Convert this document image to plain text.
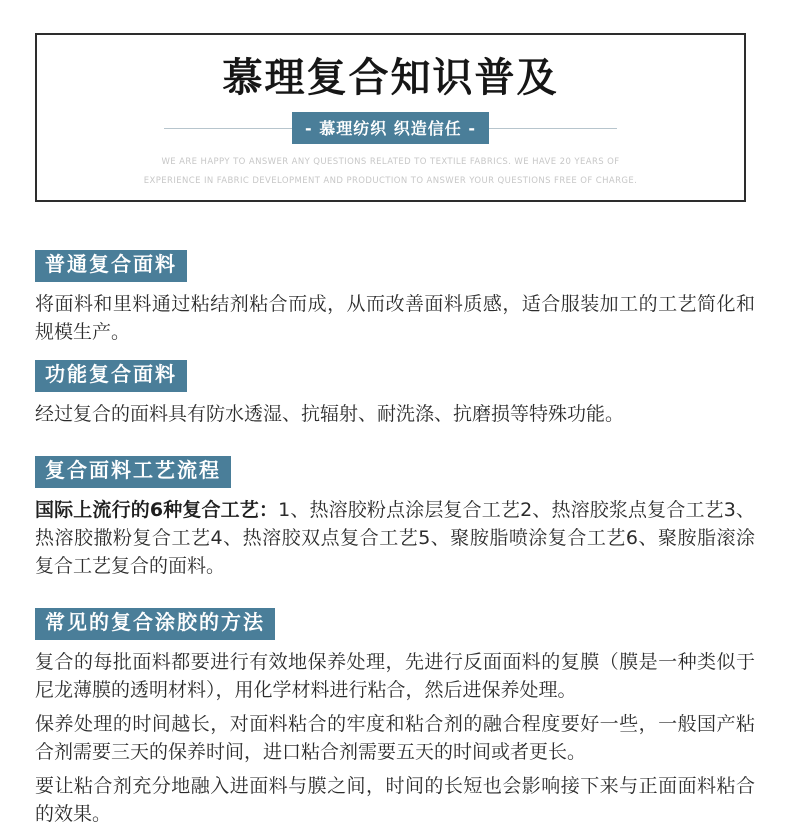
慕理复合知识普及
- 慕理纺织 织造信任 -
WE ARE HAPPY TO ANSWER ANY QUESTIONS RELATED TO TEXTILE FABRICS. WE HAVE 20 YEARS OF
EXPERIENCE IN FABRIC DEVELOPMENT AND PRODUCTION TO ANSWER YOUR QUESTIONS FREE OF CHARGE.
普通复合面料

将面料和里料通过粘结剂粘合而成，从而改善面料质感，适合服装加工的工艺简化和规模生产。

功能复合面料

经过复合的面料具有防水透湿、抗辐射、耐洗涤、抗磨损等特殊功能。

复合面料工艺流程

国际上流行的6种复合工艺：1、热溶胶粉点涂层复合工艺2、热溶胶浆点复合工艺3、热溶胶撒粉复合工艺4、热溶胶双点复合工艺5、聚胺脂喷涂复合工艺6、聚胺脂滚涂复合工艺复合的面料。

常见的复合涂胶的方法

复合的每批面料都要进行有效地保养处理，先进行反面面料的复膜（膜是一种类似于尼龙薄膜的透明材料），用化学材料进行粘合，然后进保养处理。

保养处理的时间越长，对面料粘合的牢度和粘合剂的融合程度要好一些，一般国产粘合剂需要三天的保养时间，进口粘合剂需要五天的时间或者更长。

要让粘合剂充分地融入进面料与膜之间，时间的长短也会影响接下来与正面面料粘合的效果。
